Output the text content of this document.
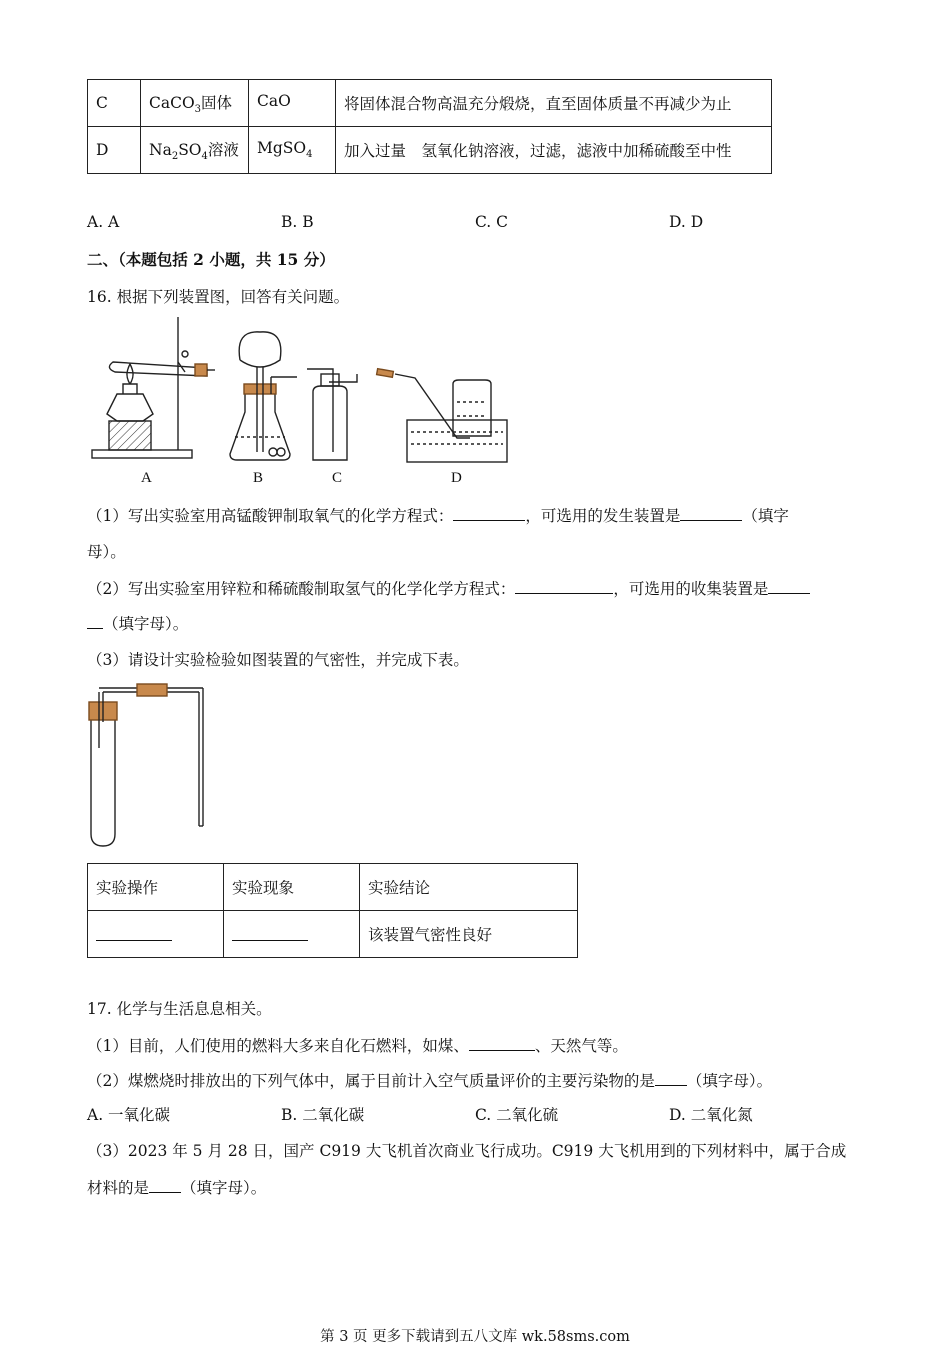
C	CaCO$_3$固体	CaO	将固体混合物高温充分煅烧，直至固体质量不再减少为止
D	$Na_2SO_4$溶液	MgSO$_4$	加入过量　氢氧化钠溶液，过滤，滤液中加稀硫酸至中性
A. A	B. B	C. C	D. D
二、（本题包括 2 小题，共 15 分）
16. 根据下列装置图，回答有关问题。
A	B	C	D
（1）写出实验室用高锰酸钾制取氧气的化学方程式：	，可选用的发生装置是	（填字
母）。
（2）写出实验室用锌粒和稀硫酸制取氢气的化学化学方程式：	，可选用的收集装置是
（填字母）。
（3）请设计实验检验如图装置的气密性，并完成下表。
实验操作	实验现象	实验结论
		该装置气密性良好
17. 化学与生活息息相关。
（1）目前，人们使用的燃料大多来自化石燃料，如煤、	、天然气等。
（2）煤燃烧时排放出的下列气体中，属于目前计入空气质量评价的主要污染物的是 （填字母）。
A. 一氧化碳	B. 二氧化碳	C. 二氧化硫	D. 二氧化氮
（3）2023 年 5 月 28 日，国产 C919 大飞机首次商业飞行成功。C919 大飞机用到的下列材料中，属于合成
材料的是 （填字母）。
第 3 页 更多下载请到五八文库 wk.58sms.com
